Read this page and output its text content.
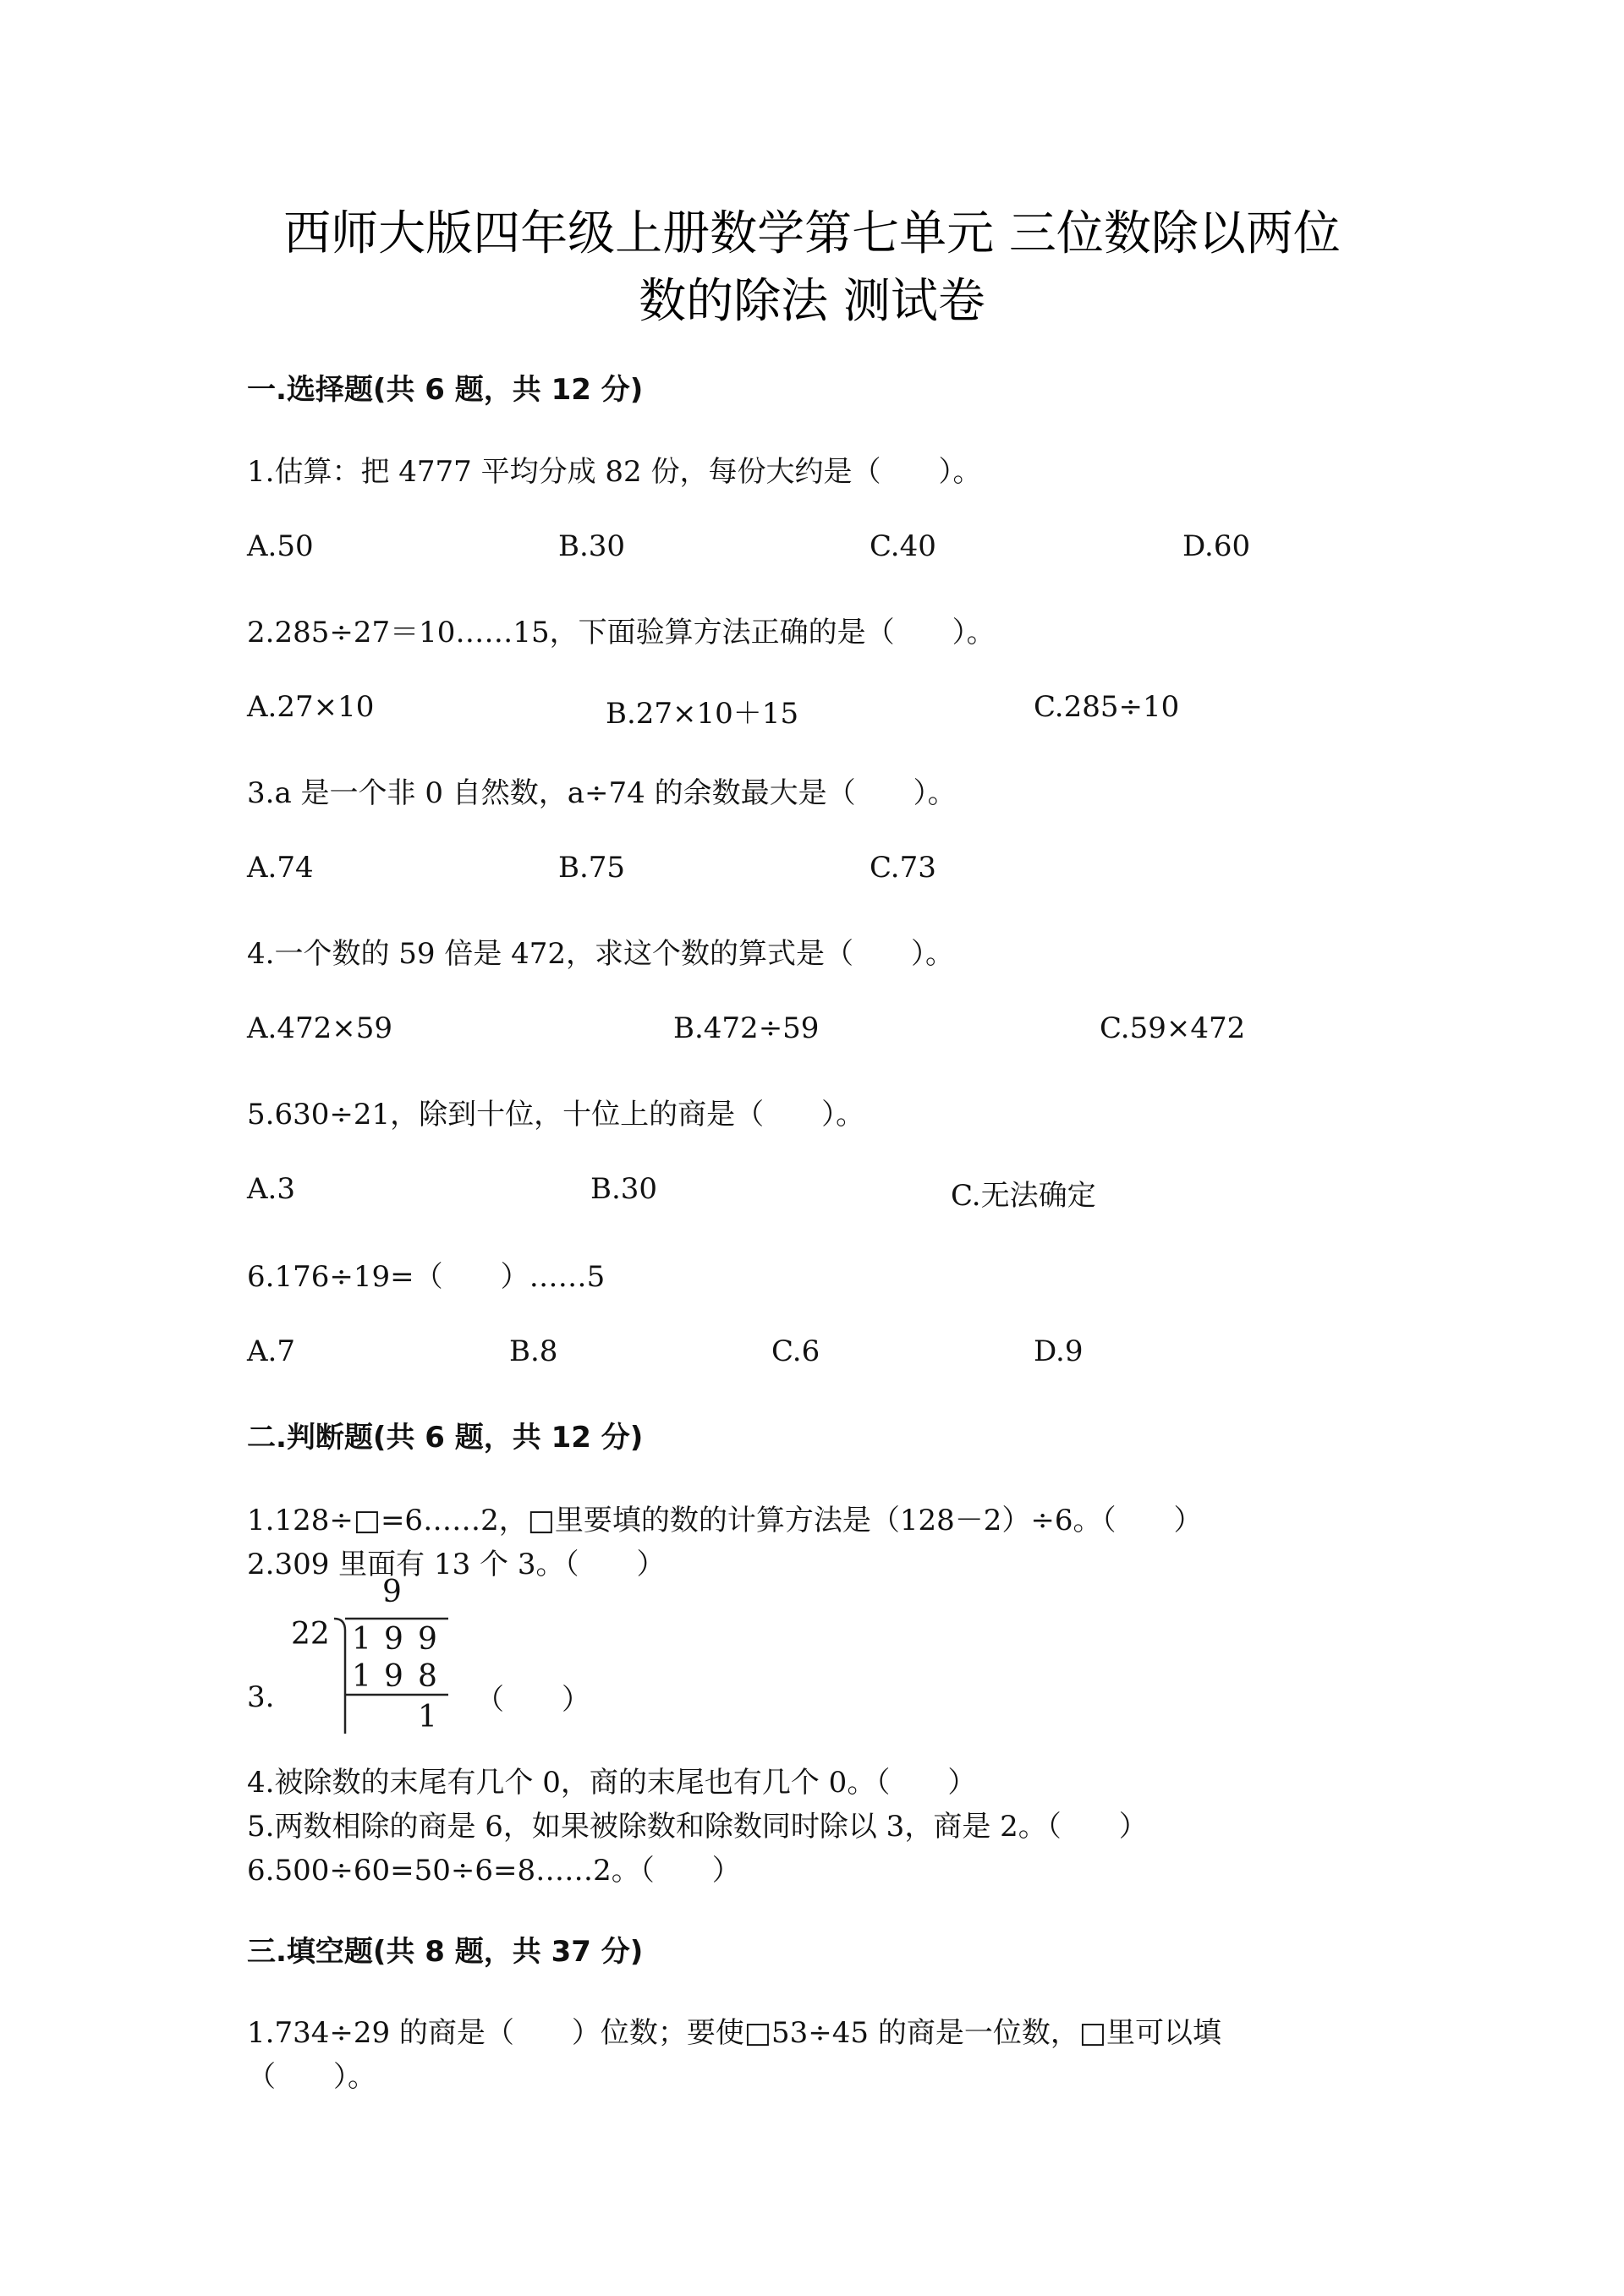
西师大版四年级上册数学第七单元 三位数除以两位
数的除法 测试卷
一.选择题(共 6 题，共 12 分)
1.估算：把 4777 平均分成 82 份，每份大约是（　　）。
A.50	B.30	C.40	D.60
2.285÷27＝10……15，下面验算方法正确的是（　　）。
A.27×10	B.27×10＋15	C.285÷10
3.a 是一个非 0 自然数，a÷74 的余数最大是（　　）。
A.74	B.75	C.73
4.一个数的 59 倍是 472，求这个数的算式是（　　）。
A.472×59	B.472÷59	C.59×472
5.630÷21，除到十位，十位上的商是（　　）。
A.3	B.30	C.无法确定
6.176÷19=（　　）……5
A.7	B.8	C.6	D.9
二.判断题(共 6 题，共 12 分)
1.128÷□=6……2，□里要填的数的计算方法是（128－2）÷6。（　　）
2.309 里面有 13 个 3。（　　）
3.
9
22 1 9 9
1 9 8
1 （　　）
4.被除数的末尾有几个 0，商的末尾也有几个 0。（　　）
5.两数相除的商是 6，如果被除数和除数同时除以 3，商是 2。（　　）
6.500÷60=50÷6=8……2。（　　）
三.填空题(共 8 题，共 37 分)
1.734÷29 的商是（　　）位数；要使□53÷45 的商是一位数，□里可以填
（　　）。
